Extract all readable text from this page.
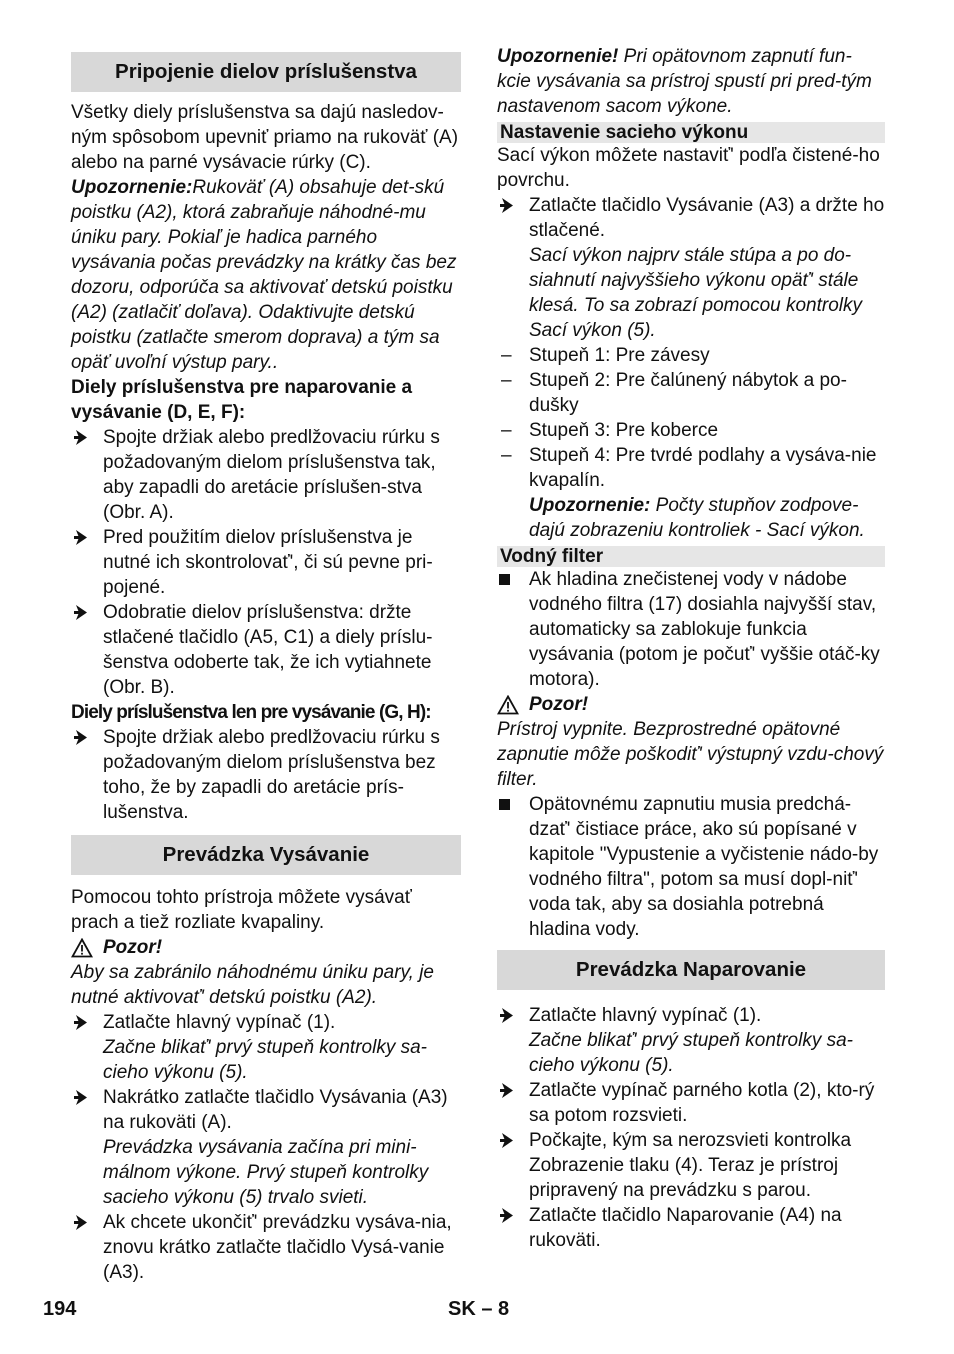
Pripojenie dielov príslušenstva

Všetky diely príslušenstva sa dajú nasledov-ným spôsobom upevniť priamo na rukoväť (A) alebo na parné vysávacie rúrky (C).

Upozornenie:Rukoväť (A) obsahuje det-skú poistku (A2), ktorá zabraňuje náhodné-mu úniku pary. Pokiaľ je hadica parného vysávania počas prevádzky na krátky čas bez dozoru, odporúča sa aktivovať detskú poistku (A2) (zatlačiť doľava). Odaktivujte detskú poistku (zatlačte smerom doprava) a tým sa opäť uvoľní výstup pary..

Diely príslušenstva pre naparovanie a vysávanie (D, E, F):

Spojte držiak alebo predlžovaciu rúrku s požadovaným dielom príslušenstva tak, aby zapadli do aretácie príslušen-stva (Obr. A).
Pred použitím dielov príslušenstva je nutné ich skontrolovať', či sú pevne pri-pojené.
Odobratie dielov príslušenstva: držte stlačené tlačidlo (A5, C1) a diely príslu-šenstva odoberte tak, že ich vytiahnete (Obr. B).

Diely príslušenstva len pre vysávanie (G, H):

Spojte držiak alebo predlžovaciu rúrku s požadovaným dielom príslušenstva bez toho, že by zapadli do aretácie prís-lušenstva.
Prevádzka Vysávanie

Pomocou tohto prístroja môžete vysávať prach a tiež rozliate kvapaliny.

Pozor!

Aby sa zabránilo náhodnému úniku pary, je nutné aktivovať' detskú poistku (A2).

Zatlačte hlavný vypínač (1).
Začne blikať' prvý stupeň kontrolky sa-cieho výkonu (5).
Nakrátko zatlačte tlačidlo Vysávania (A3) na rukoväti (A).
Prevádzka vysávania začína pri mini-málnom výkone. Prvý stupeň kontrolky sacieho výkonu (5) trvalo svieti.
Ak chcete ukončiť' prevádzku vysáva-nia, znovu krátko zatlačte tlačidlo Vysá-vanie (A3).

Upozornenie! Pri opätovnom zapnutí fun-kcie vysávania sa prístroj spustí pri pred-tým nastavenom sacom výkone.

Nastavenie sacieho výkonu

Sací výkon môžete nastaviť' podľa čistené-ho povrchu.

Zatlačte tlačidlo Vysávanie (A3) a držte ho stlačené.
Sací výkon najprv stále stúpa a po do-siahnutí najvyššieho výkonu opäť' stále klesá. To sa zobrazí pomocou kontrolky Sací výkon (5).
– Stupeň 1: Pre závesy
– Stupeň 2: Pre čalúnený nábytok a po-dušky
– Stupeň 3: Pre koberce
– Stupeň 4: Pre tvrdé podlahy a vysáva-nie kvapalín.

Upozornenie: Počty stupňov zodpove-dajú zobrazeniu kontroliek - Sací výkon.

Vodný filter
Ak hladina znečistenej vody v nádobe vodného filtra (17) dosiahla najvyšší stav, automaticky sa zablokuje funkcia vysávania (potom je počuť' vyššie otáč-ky motora).
Pozor!

Prístroj vypnite. Bezprostredné opätovné zapnutie môže poškodiť' výstupný vzdu-chový filter.

Opätovnému zapnutiu musia predchá-dzať' čistiace práce, ako sú popísané v kapitole "Vypustenie a vyčistenie nádo-by vodného filtra", potom sa musí dopl-niť' voda tak, aby sa dosiahla potrebná hladina vody.
Prevádzka Naparovanie
Zatlačte hlavný vypínač (1).
Začne blikať' prvý stupeň kontrolky sa-cieho výkonu (5).
Zatlačte vypínač parného kotla (2), kto-rý sa potom rozsvieti.
Počkajte, kým sa nerozsvieti kontrolka Zobrazenie tlaku (4). Teraz je prístroj pripravený na prevádzku s parou.
Zatlačte tlačidlo Naparovanie (A4) na rukoväti.
194	SK – 8
